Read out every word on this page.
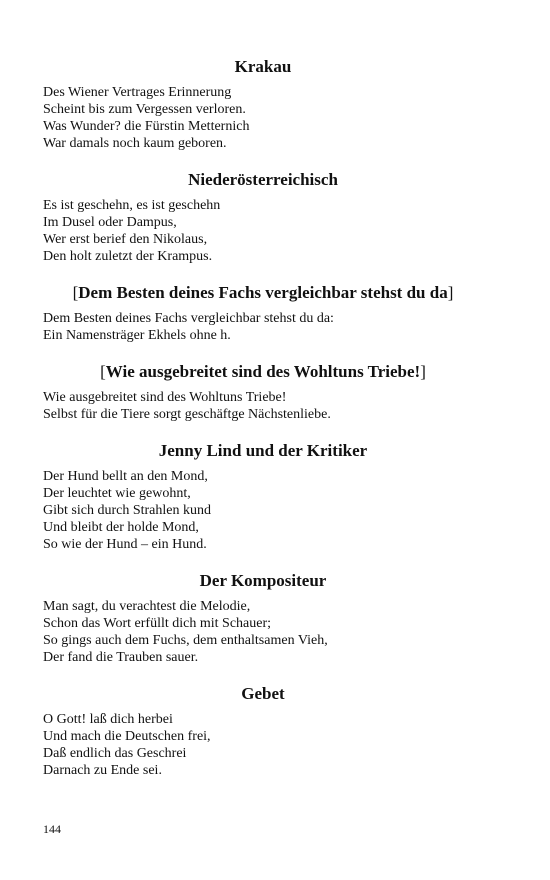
Krakau
Des Wiener Vertrages Erinnerung
Scheint bis zum Vergessen verloren.
Was Wunder? die Fürstin Metternich
War damals noch kaum geboren.
Niederösterreichisch
Es ist geschehn, es ist geschehn
Im Dusel oder Dampus,
Wer erst berief den Nikolaus,
Den holt zuletzt der Krampus.
[Dem Besten deines Fachs vergleichbar stehst du da]
Dem Besten deines Fachs vergleichbar stehst du da:
Ein Namensträger Ekhels ohne h.
[Wie ausgebreitet sind des Wohltuns Triebe!]
Wie ausgebreitet sind des Wohltuns Triebe!
Selbst für die Tiere sorgt geschäftge Nächstenliebe.
Jenny Lind und der Kritiker
Der Hund bellt an den Mond,
Der leuchtet wie gewohnt,
Gibt sich durch Strahlen kund
Und bleibt der holde Mond,
So wie der Hund – ein Hund.
Der Kompositeur
Man sagt, du verachtest die Melodie,
Schon das Wort erfüllt dich mit Schauer;
So gings auch dem Fuchs, dem enthaltsamen Vieh,
Der fand die Trauben sauer.
Gebet
O Gott! laß dich herbei
Und mach die Deutschen frei,
Daß endlich das Geschrei
Darnach zu Ende sei.
144
